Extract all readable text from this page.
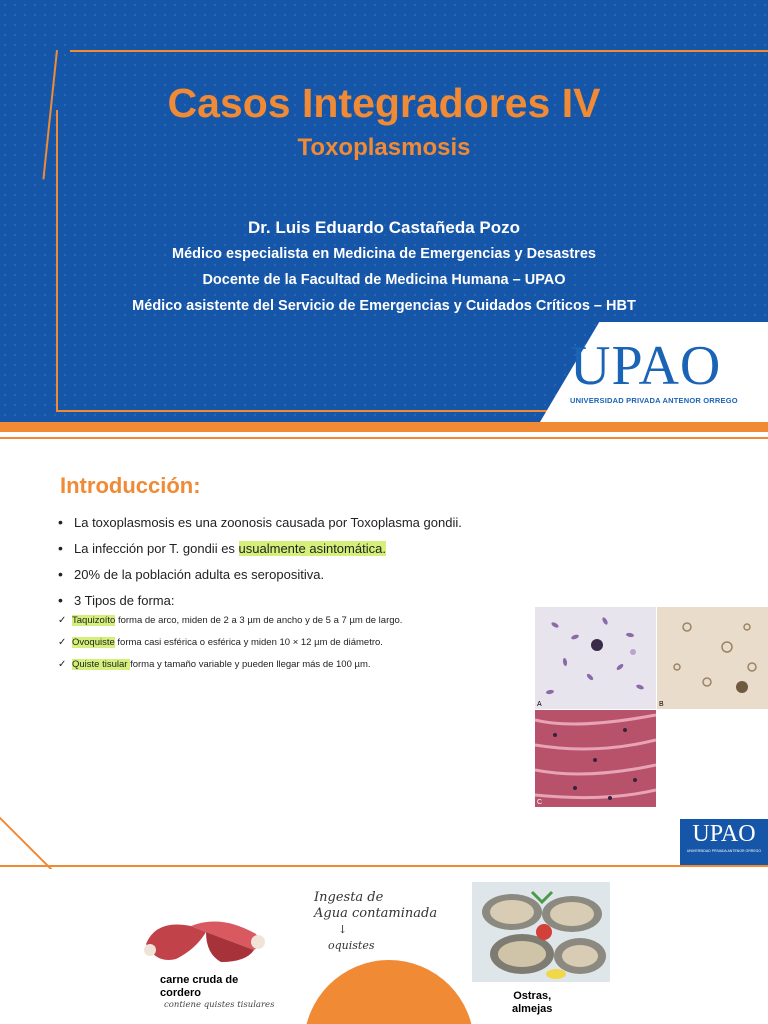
Casos Integradores IV
Toxoplasmosis
Dr. Luis Eduardo Castañeda Pozo
Médico especialista en Medicina de Emergencias y Desastres
Docente de la Facultad de Medicina Humana – UPAO
Médico asistente del Servicio de Emergencias y Cuidados Críticos – HBT
UPAO
UNIVERSIDAD PRIVADA ANTENOR ORREGO
Introducción:
• La toxoplasmosis es una zoonosis causada por Toxoplasma gondii.
• La infección por T. gondii es usualmente asintomática.
• 20% de la población adulta es seropositiva.
• 3 Tipos de forma:
✓ Taquizoíto forma de arco, miden de 2 a 3 µm de ancho y de 5 a 7 µm de largo.
✓ Ovoquiste forma casi esférica o esférica y miden 10 × 12 µm de diámetro.
✓ Quiste tisular forma y tamaño variable y pueden llegar más de 100 µm.
A	B
C
UPAO
UNIVERSIDAD PRIVADA ANTENOR ORREGO
carne cruda de cordero
contiene quistes tisulares
Ingesta de
Agua contaminada
↓
oquistes
Ostras,
almejas
